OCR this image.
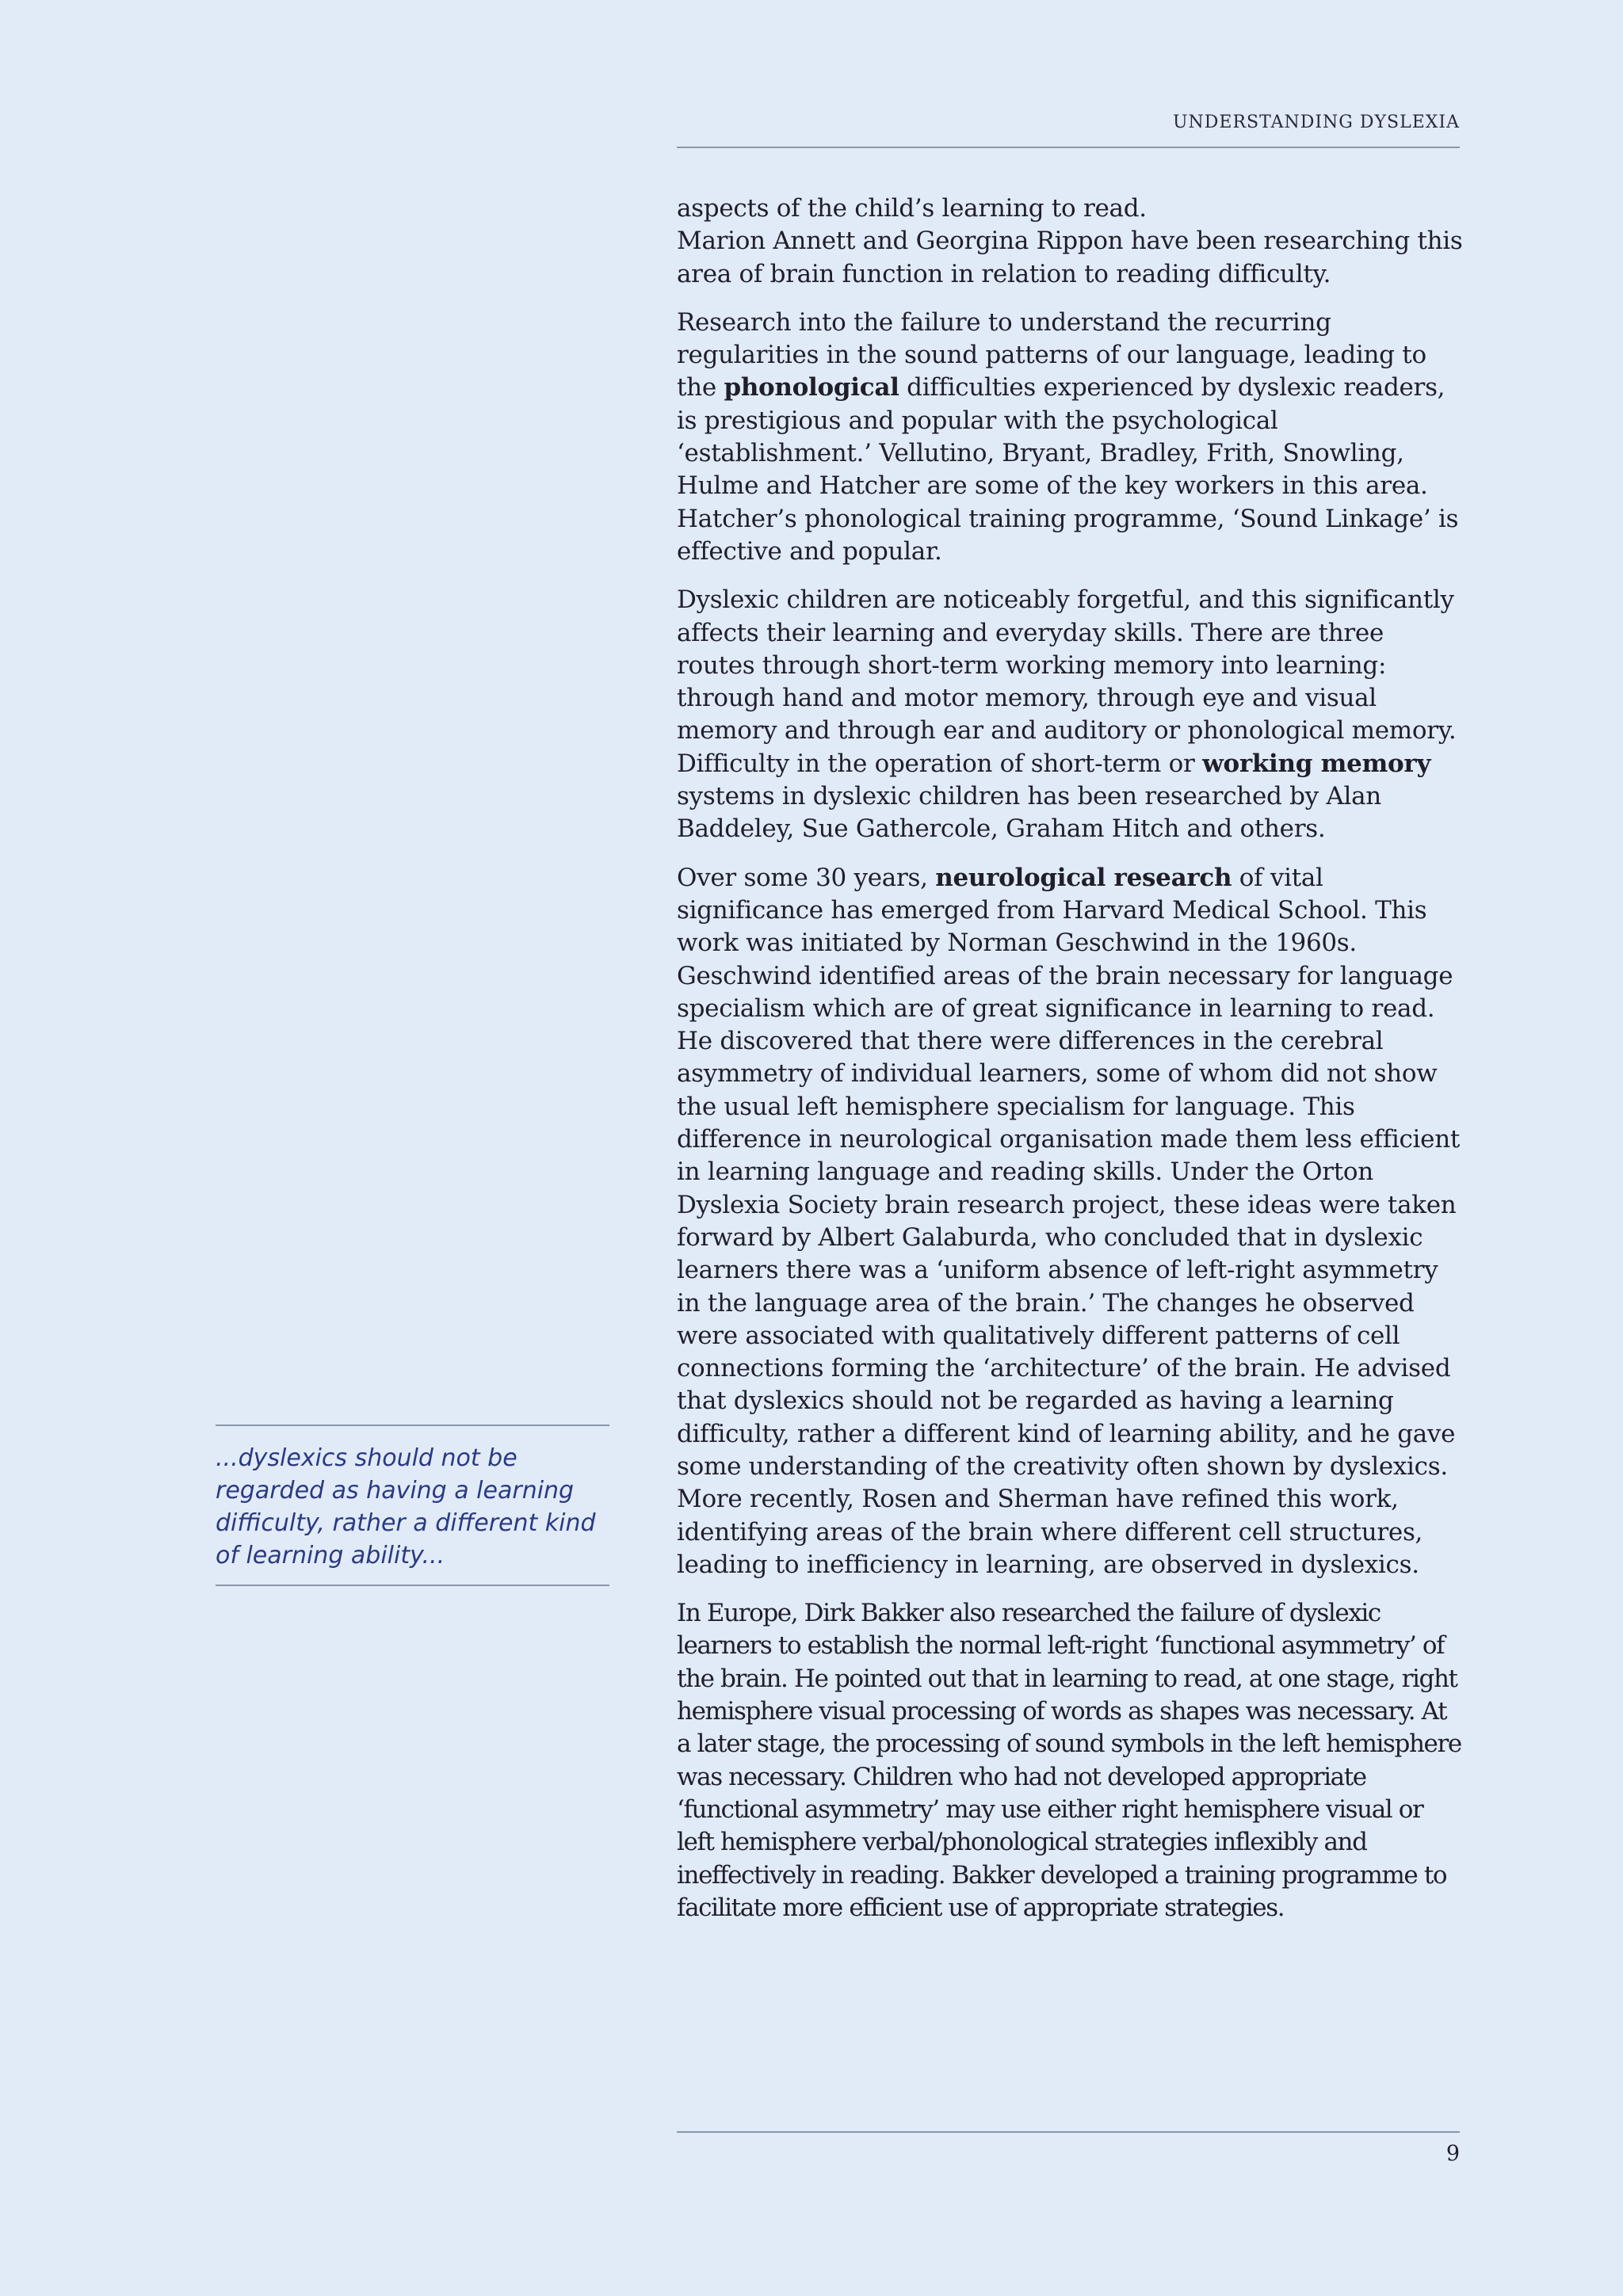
UNDERSTANDING DYSLEXIA
...dyslexics should not be regarded as having a learning difficulty, rather a different kind of learning ability...

aspects of the child’s learning to read.
Marion Annett and Georgina Rippon have been researching this area of brain function in relation to reading difficulty.

Research into the failure to understand the recurring regularities in the sound patterns of our language, leading to the phonological difficulties experienced by dyslexic readers, is prestigious and popular with the psychological ‘establishment.’ Vellutino, Bryant, Bradley, Frith, Snowling, Hulme and Hatcher are some of the key workers in this area. Hatcher’s phonological training programme, ‘Sound Linkage’ is effective and popular.

Dyslexic children are noticeably forgetful, and this significantly affects their learning and everyday skills. There are three routes through short-term working memory into learning: through hand and motor memory, through eye and visual memory and through ear and auditory or phonological memory. Difficulty in the operation of short-term or working memory systems in dyslexic children has been researched by Alan Baddeley, Sue Gathercole, Graham Hitch and others.

Over some 30 years, neurological research of vital significance has emerged from Harvard Medical School. This work was initiated by Norman Geschwind in the 1960s. Geschwind identified areas of the brain necessary for language specialism which are of great significance in learning to read. He discovered that there were differences in the cerebral asymmetry of individual learners, some of whom did not show the usual left hemisphere specialism for language. This difference in neurological organisation made them less efficient in learning language and reading skills. Under the Orton Dyslexia Society brain research project, these ideas were taken forward by Albert Galaburda, who concluded that in dyslexic learners there was a ‘uniform absence of left-right asymmetry in the language area of the brain.’ The changes he observed were associated with qualitatively different patterns of cell connections forming the ‘architecture’ of the brain. He advised that dyslexics should not be regarded as having a learning difficulty, rather a different kind of learning ability, and he gave some understanding of the creativity often shown by dyslexics. More recently, Rosen and Sherman have refined this work, identifying areas of the brain where different cell structures, leading to inefficiency in learning, are observed in dyslexics.

In Europe, Dirk Bakker also researched the failure of dyslexic learners to establish the normal left-right ‘functional asymmetry’ of the brain. He pointed out that in learning to read, at one stage, right hemisphere visual processing of words as shapes was necessary. At a later stage, the processing of sound symbols in the left hemisphere was necessary. Children who had not developed appropriate ‘functional asymmetry’ may use either right hemisphere visual or left hemisphere verbal/phonological strategies inflexibly and ineffectively in reading. Bakker developed a training programme to facilitate more efficient use of appropriate strategies.

9
